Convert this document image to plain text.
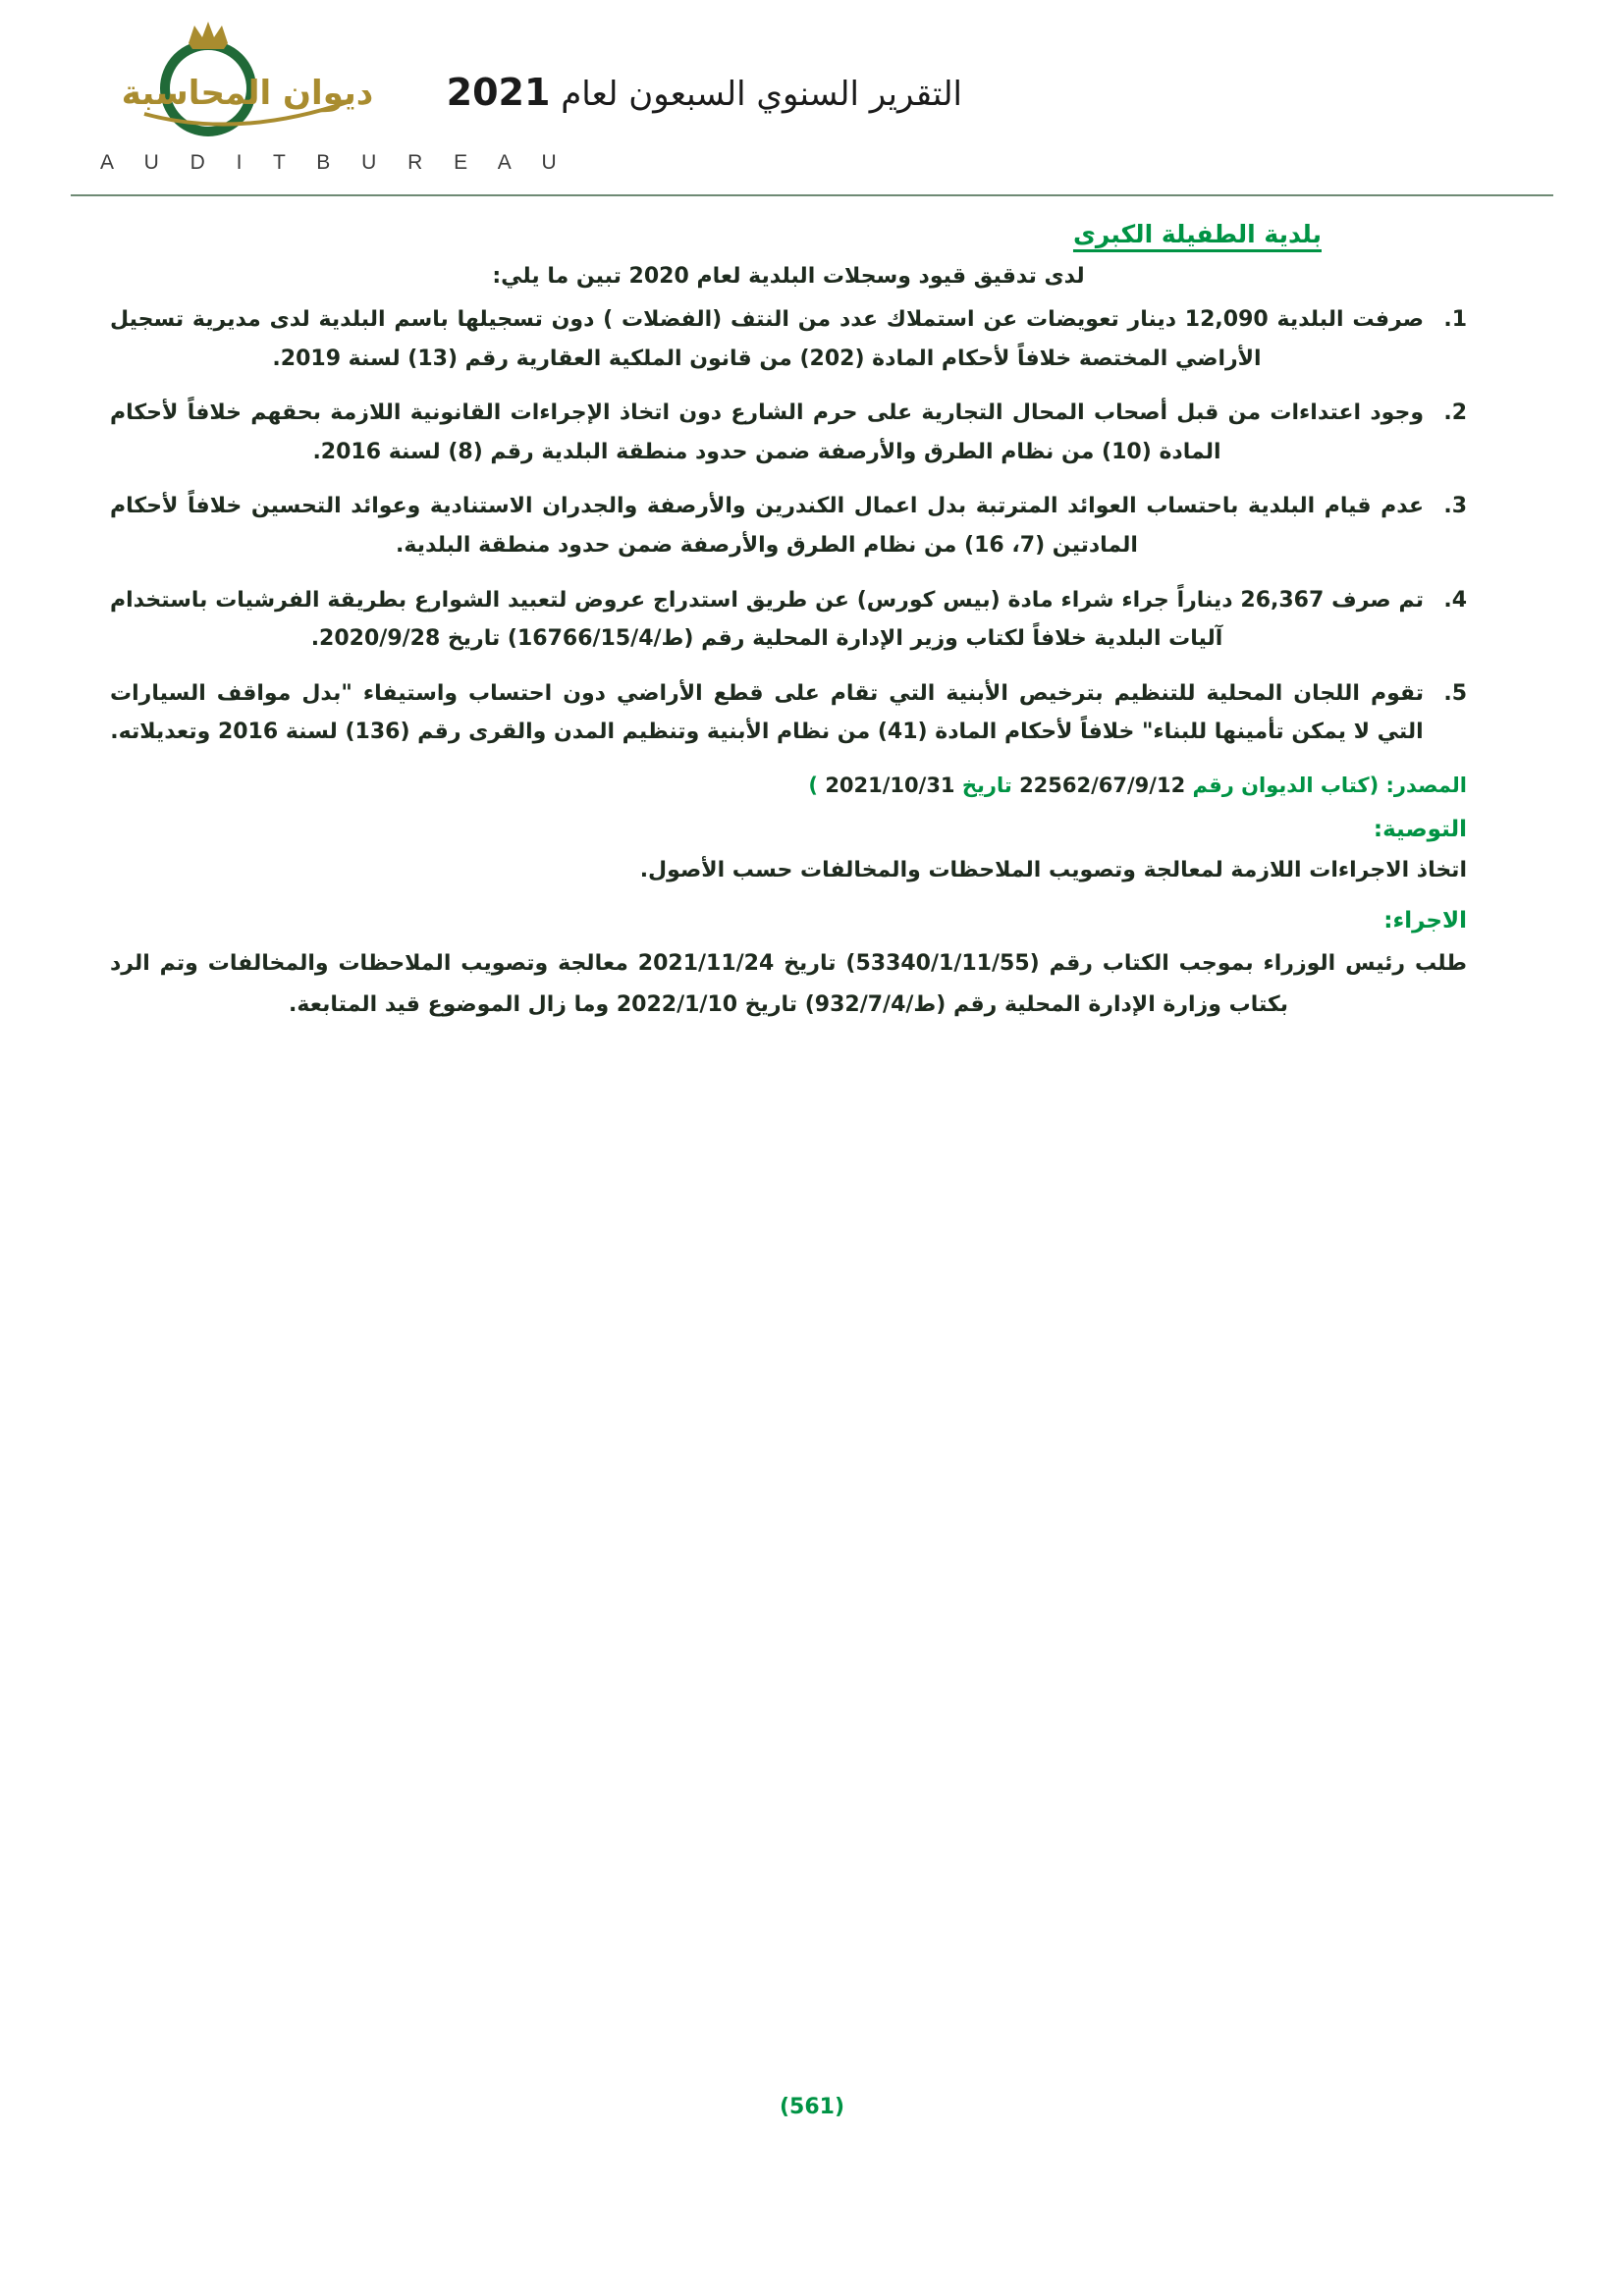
ديوان المحاسبة
A U D I T B U R E A U
التقرير السنوي السبعون لعام 2021
بلدية الطفيلة الكبرى

لدى تدقيق قيود وسجلات البلدية لعام 2020 تبين ما يلي:

1.
صرفت البلدية 12,090 دينار تعويضات عن استملاك عدد من النتف (الفضلات ) دون تسجيلها باسم البلدية لدى مديرية تسجيل الأراضي المختصة خلافاً لأحكام المادة (202) من قانون الملكية العقارية رقم (13) لسنة 2019.
2.
وجود اعتداءات من قبل أصحاب المحال التجارية على حرم الشارع دون اتخاذ الإجراءات القانونية اللازمة بحقهم خلافاً لأحكام المادة (10) من نظام الطرق والأرصفة ضمن حدود منطقة البلدية رقم (8) لسنة 2016.
3.
عدم قيام البلدية باحتساب العوائد المترتبة بدل اعمال الكندرين والأرصفة والجدران الاستنادية وعوائد التحسين خلافاً لأحكام المادتين (7، 16) من نظام الطرق والأرصفة ضمن حدود منطقة البلدية.
4.
تم صرف 26,367 ديناراً جراء شراء مادة (بيس كورس) عن طريق استدراج عروض لتعبيد الشوارع بطريقة الفرشيات باستخدام آليات البلدية خلافاً لكتاب وزير الإدارة المحلية رقم (ط/16766/15/4) تاريخ 2020/9/28.
5.
تقوم اللجان المحلية للتنظيم بترخيص الأبنية التي تقام على قطع الأراضي دون احتساب واستيفاء "بدل مواقف السيارات التي لا يمكن تأمينها للبناء" خلافاً لأحكام المادة (41) من نظام الأبنية وتنظيم المدن والقرى رقم (136) لسنة 2016 وتعديلاته.

المصدر: (كتاب الديوان رقم 22562/67/9/12 تاريخ 2021/10/31 )

التوصية:

اتخاذ الاجراءات اللازمة لمعالجة وتصويب الملاحظات والمخالفات حسب الأصول.

الاجراء:

طلب رئيس الوزراء بموجب الكتاب رقم (53340/1/11/55) تاريخ 2021/11/24 معالجة وتصويب الملاحظات والمخالفات وتم الرد بكتاب وزارة الإدارة المحلية رقم (ط/932/7/4) تاريخ 2022/1/10 وما زال الموضوع قيد المتابعة.

(561)
